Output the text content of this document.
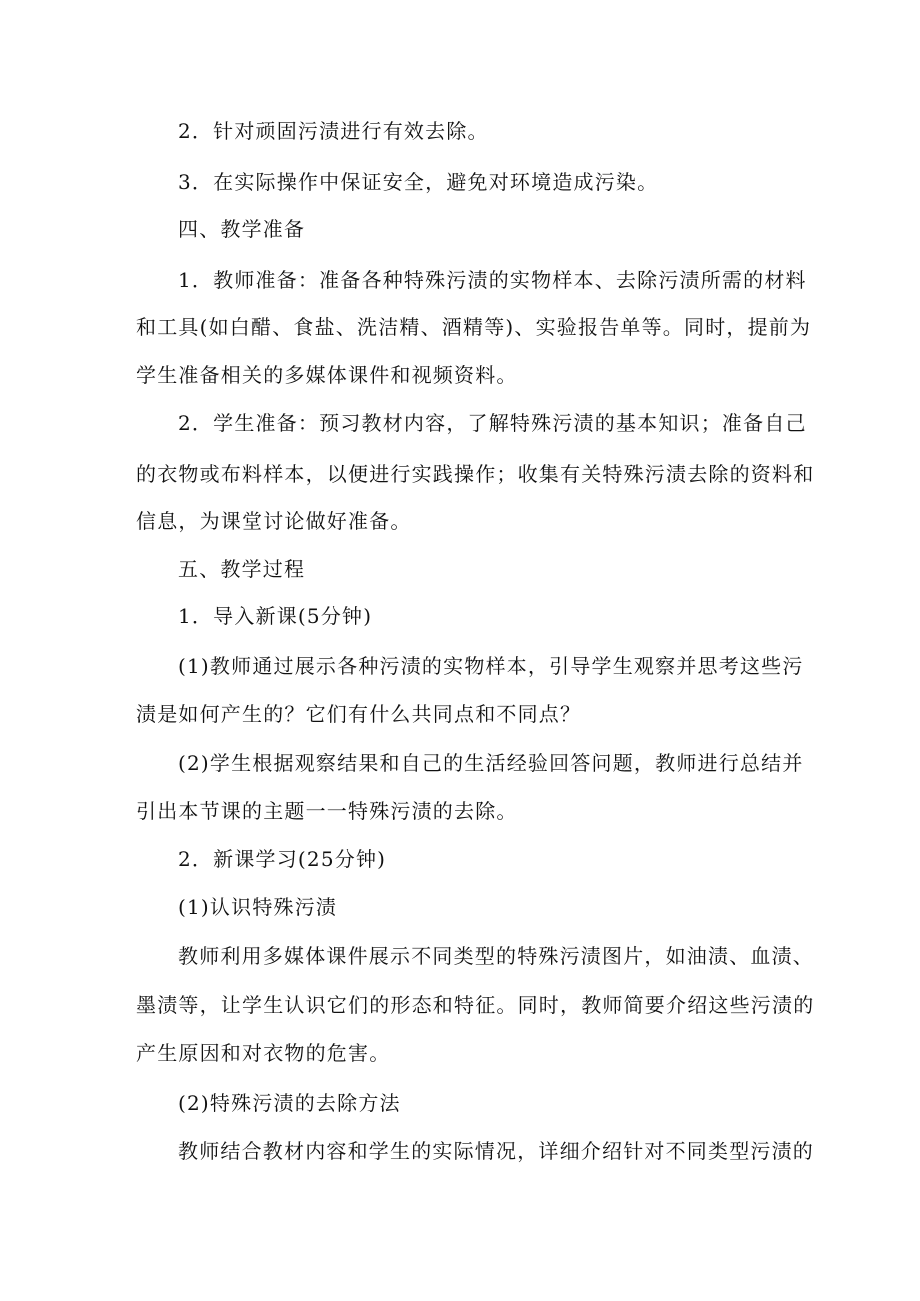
2．针对顽固污渍进行有效去除。
3．在实际操作中保证安全，避免对环境造成污染。
四、教学准备
1．教师准备：准备各种特殊污渍的实物样本、去除污渍所需的材料
和工具(如白醋、食盐、洗洁精、酒精等)、实验报告单等。同时，提前为
学生准备相关的多媒体课件和视频资料。
2．学生准备：预习教材内容，了解特殊污渍的基本知识；准备自己
的衣物或布料样本，以便进行实践操作；收集有关特殊污渍去除的资料和
信息，为课堂讨论做好准备。
五、教学过程
1．导入新课(5分钟)
(1)教师通过展示各种污渍的实物样本，引导学生观察并思考这些污
渍是如何产生的？它们有什么共同点和不同点？
(2)学生根据观察结果和自己的生活经验回答问题，教师进行总结并
引出本节课的主题一一特殊污渍的去除。
2．新课学习(25分钟)
(1)认识特殊污渍
教师利用多媒体课件展示不同类型的特殊污渍图片，如油渍、血渍、
墨渍等，让学生认识它们的形态和特征。同时，教师简要介绍这些污渍的
产生原因和对衣物的危害。
(2)特殊污渍的去除方法
教师结合教材内容和学生的实际情况，详细介绍针对不同类型污渍的
